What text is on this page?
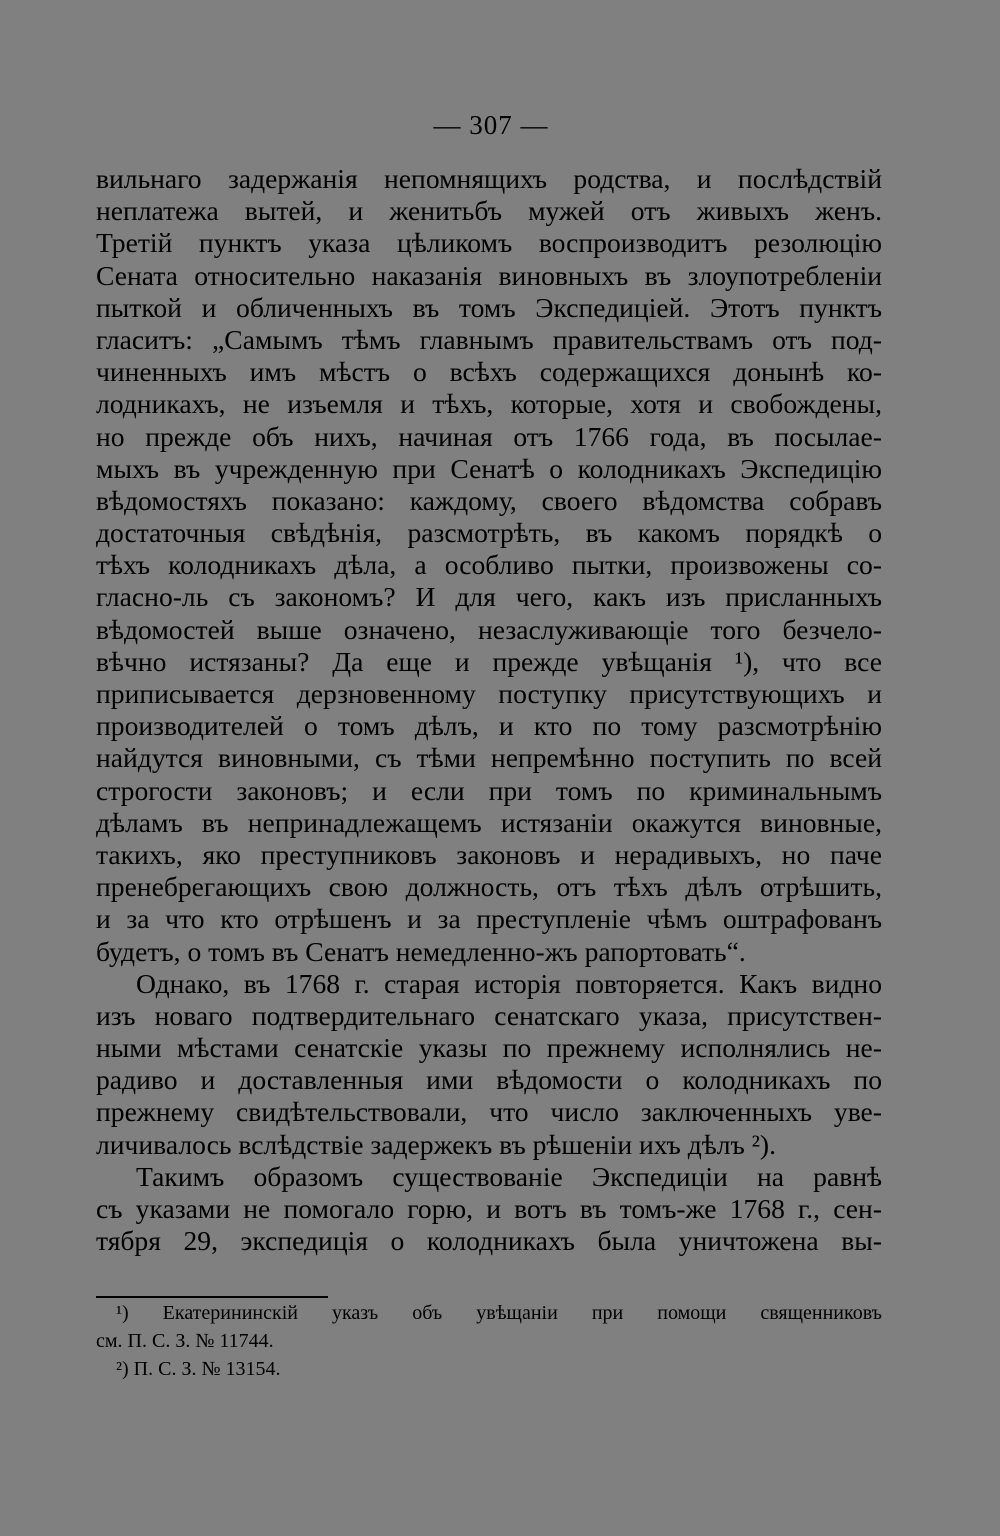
— 307 —
вильнаго задержанія непомнящихъ родства, и послѣдствій
неплатежа вытей, и женитьбъ мужей отъ живыхъ женъ.
Третій пунктъ указа цѣликомъ воспроизводитъ резолюцію
Сената относительно наказанія виновныхъ въ злоупотребленіи
пыткой и обличенныхъ въ томъ Экспедиціей. Этотъ пунктъ
гласитъ: „Самымъ тѣмъ главнымъ правительствамъ отъ под-
чиненныхъ имъ мѣстъ о всѣхъ содержащихся донынѣ ко-
лодникахъ, не изъемля и тѣхъ, которые, хотя и свобождены,
но прежде объ нихъ, начиная отъ 1766 года, въ посылае-
мыхъ въ учрежденную при Сенатѣ о колодникахъ Экспедицію
вѣдомостяхъ показано: каждому, своего вѣдомства собравъ
достаточныя свѣдѣнія, разсмотрѣть, въ какомъ порядкѣ о
тѣхъ колодникахъ дѣла, а особливо пытки, произвожены со-
гласно-ль съ закономъ? И для чего, какъ изъ присланныхъ
вѣдомостей выше означено, незаслуживающіе того безчело-
вѣчно истязаны? Да еще и прежде увѣщанія ¹), что все
приписывается дерзновенному поступку присутствующихъ и
производителей о томъ дѣлъ, и кто по тому разсмотрѣнію
найдутся виновными, съ тѣми непремѣнно поступить по всей
строгости законовъ; и если при томъ по криминальнымъ
дѣламъ въ непринадлежащемъ истязаніи окажутся виновные,
такихъ, яко преступниковъ законовъ и нерадивыхъ, но паче
пренебрегающихъ свою должность, отъ тѣхъ дѣлъ отрѣшить,
и за что кто отрѣшенъ и за преступленіе чѣмъ оштрафованъ
будетъ, о томъ въ Сенатъ немедленно-жъ рапортовать“.
Однако, въ 1768 г. старая исторія повторяется. Какъ видно
изъ новаго подтвердительнаго сенатскаго указа, присутствен-
ными мѣстами сенатскіе указы по прежнему исполнялись не-
радиво и доставленныя ими вѣдомости о колодникахъ по
прежнему свидѣтельствовали, что число заключенныхъ уве-
личивалось вслѣдствіе задержекъ въ рѣшеніи ихъ дѣлъ ²).
Такимъ образомъ существованіе Экспедиціи на равнѣ
съ указами не помогало горю, и вотъ въ томъ-же 1768 г., сен-
тября 29, экспедиція о колодникахъ была уничтожена вы-
¹) Екатерининскій указъ объ увѣщаніи при помощи священниковъ
см. П. С. З. № 11744.
²) П. С. З. № 13154.
